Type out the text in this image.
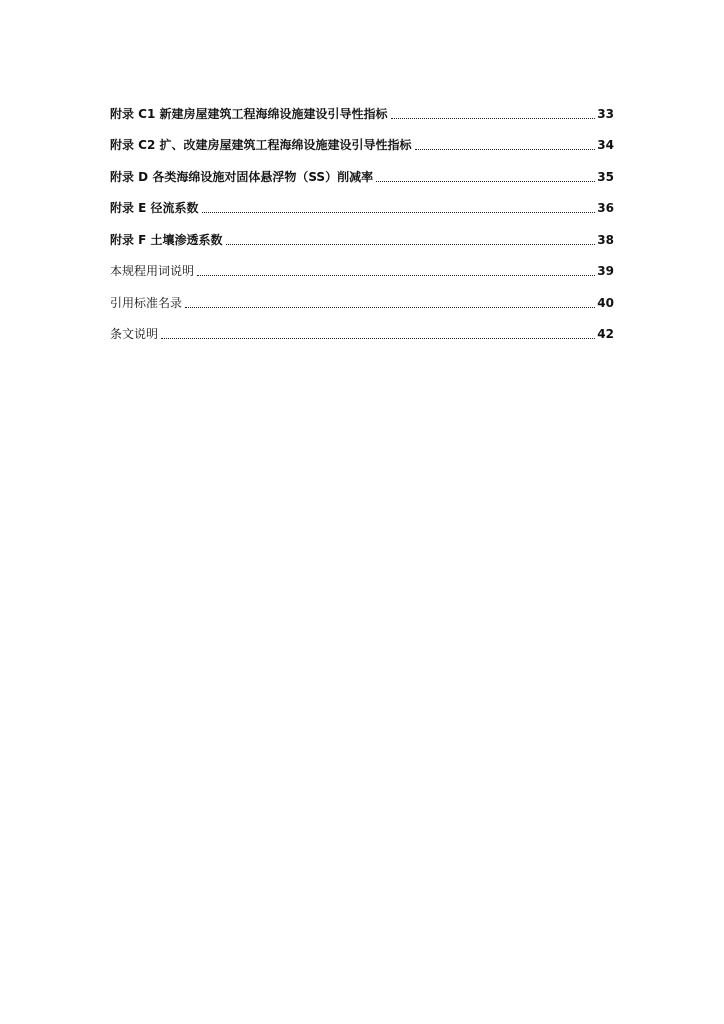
附录 C1 新建房屋建筑工程海绵设施建设引导性指标	33
附录 C2 扩、改建房屋建筑工程海绵设施建设引导性指标	34
附录 D 各类海绵设施对固体悬浮物（SS）削减率	35
附录 E 径流系数	36
附录 F 土壤渗透系数	38
本规程用词说明	39
引用标准名录	40
条文说明	42
